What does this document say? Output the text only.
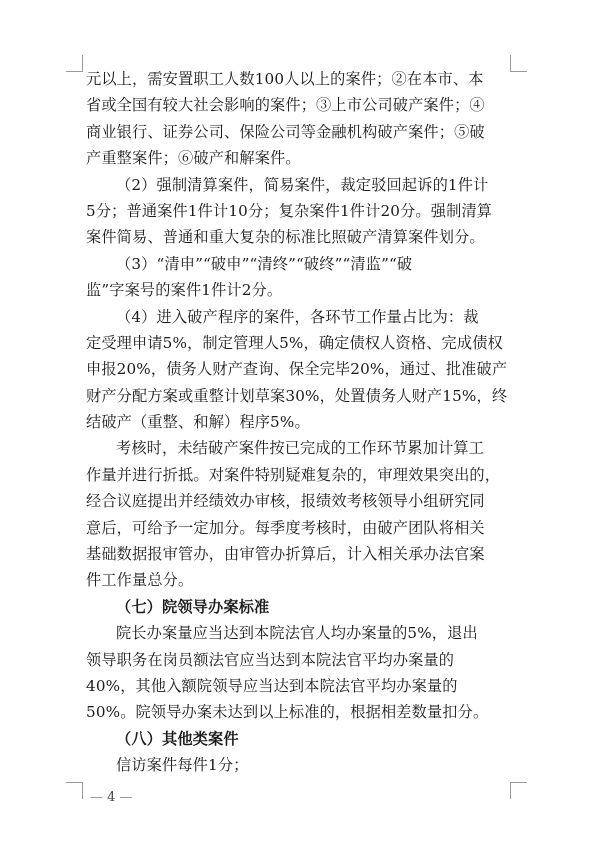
元以上，需安置职工人数100人以上的案件；②在本市、本
省或全国有较大社会影响的案件；③上市公司破产案件；④
商业银行、证券公司、保险公司等金融机构破产案件；⑤破
产重整案件；⑥破产和解案件。
（2）强制清算案件，简易案件，裁定驳回起诉的1件计
5分；普通案件1件计10分；复杂案件1件计20分。强制清算
案件简易、普通和重大复杂的标准比照破产清算案件划分。
（3）“清申”“破申”“清终”“破终”“清监”“破
监”字案号的案件1件计2分。
（4）进入破产程序的案件，各环节工作量占比为：裁
定受理申请5%，制定管理人5%，确定债权人资格、完成债权
申报20%，债务人财产查询、保全完毕20%，通过、批准破产
财产分配方案或重整计划草案30%，处置债务人财产15%，终
结破产（重整、和解）程序5%。
考核时，未结破产案件按已完成的工作环节累加计算工
作量并进行折抵。对案件特别疑难复杂的，审理效果突出的，
经合议庭提出并经绩效办审核，报绩效考核领导小组研究同
意后，可给予一定加分。每季度考核时，由破产团队将相关
基础数据报审管办，由审管办折算后，计入相关承办法官案
件工作量总分。
（七）院领导办案标准
院长办案量应当达到本院法官人均办案量的5%，退出
领导职务在岗员额法官应当达到本院法官平均办案量的
40%，其他入额院领导应当达到本院法官平均办案量的
50%。院领导办案未达到以上标准的，根据相差数量扣分。
（八）其他类案件
信访案件每件1分；
— 4 —
